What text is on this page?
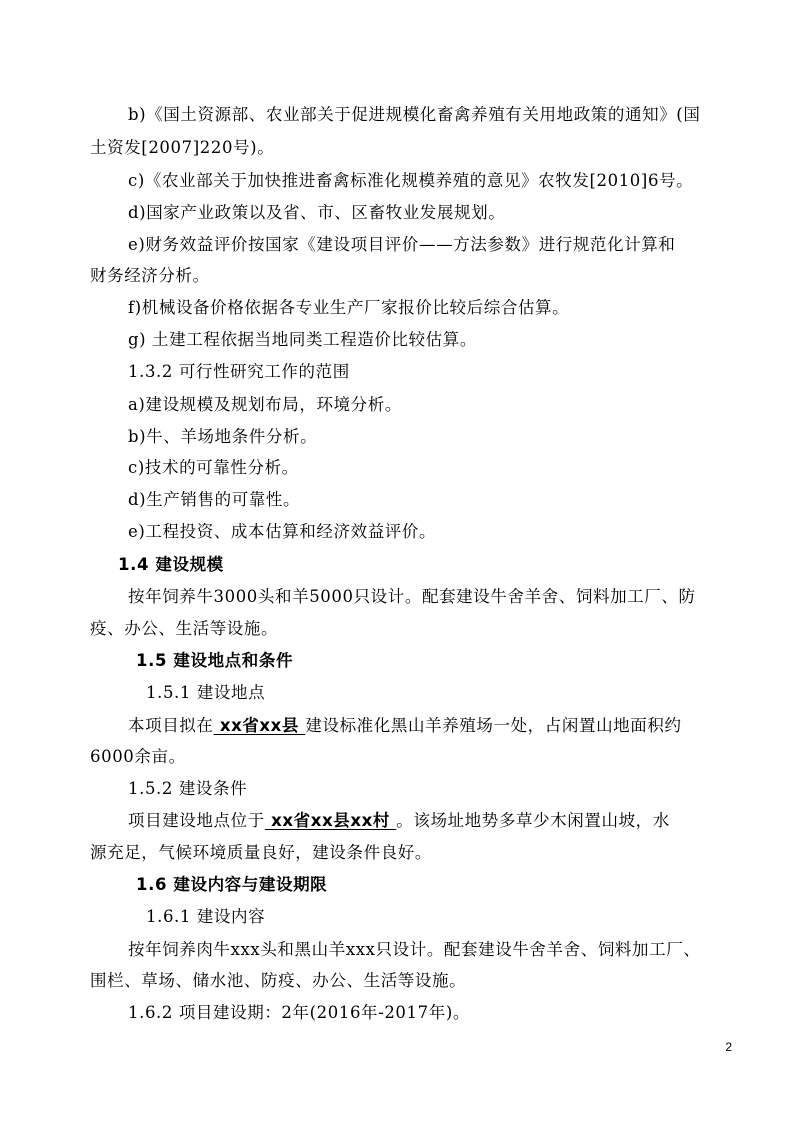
b)《国土资源部、农业部关于促进规模化畜禽养殖有关用地政策的通知》(国
土资发[2007]220号)。
c)《农业部关于加快推进畜禽标准化规模养殖的意见》农牧发[2010]6号。
d)国家产业政策以及省、市、区畜牧业发展规划。
e)财务效益评价按国家《建设项目评价——方法参数》进行规范化计算和
财务经济分析。
f)机械设备价格依据各专业生产厂家报价比较后综合估算。
g) 土建工程依据当地同类工程造价比较估算。
1.3.2 可行性研究工作的范围
a)建设规模及规划布局，环境分析。
b)牛、羊场地条件分析。
c)技术的可靠性分析。
d)生产销售的可靠性。
e)工程投资、成本估算和经济效益评价。
1.4 建设规模
按年饲养牛3000头和羊5000只设计。配套建设牛舍羊舍、饲料加工厂、防
疫、办公、生活等设施。
1.5 建设地点和条件
1.5.1 建设地点
本项目拟在 xx省xx县 建设标准化黑山羊养殖场一处，占闲置山地面积约
6000余亩。
1.5.2 建设条件
项目建设地点位于 xx省xx县xx村 。该场址地势多草少木闲置山坡，水
源充足，气候环境质量良好，建设条件良好。
1.6 建设内容与建设期限
1.6.1 建设内容
按年饲养肉牛xxx头和黑山羊xxx只设计。配套建设牛舍羊舍、饲料加工厂、
围栏、草场、储水池、防疫、办公、生活等设施。
1.6.2 项目建设期：2年(2016年-2017年)。
2
